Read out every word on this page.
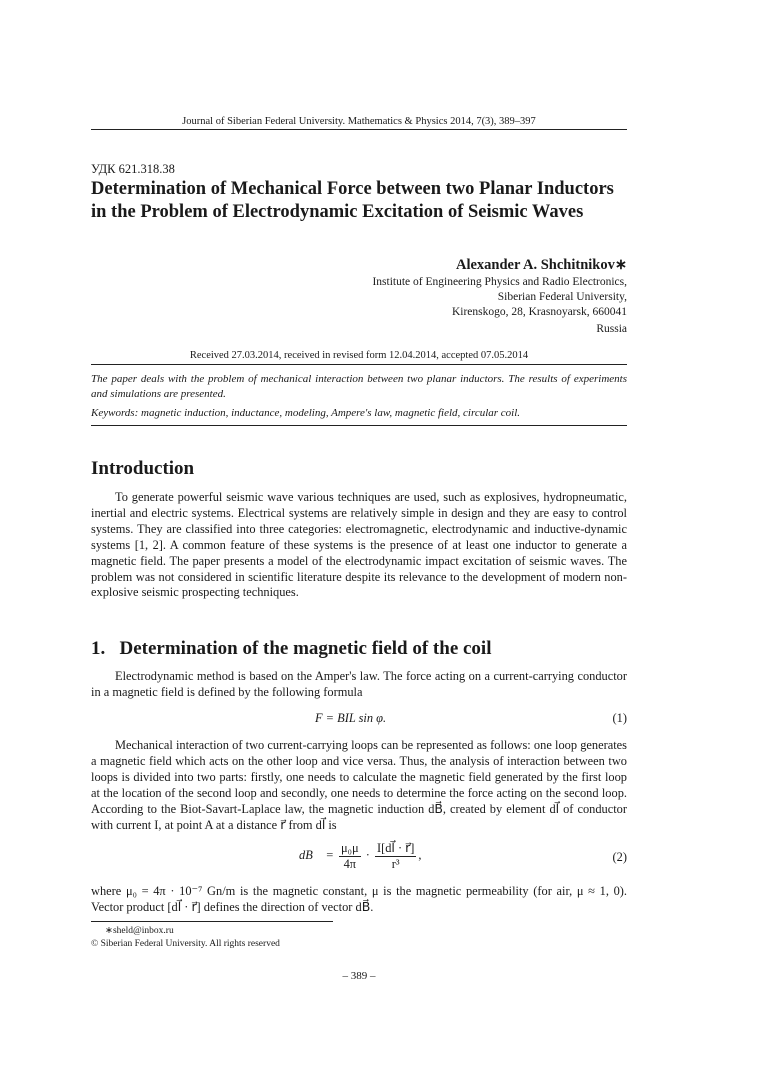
Journal of Siberian Federal University. Mathematics & Physics 2014, 7(3), 389–397
УДК 621.318.38
Determination of Mechanical Force between two Planar Inductors in the Problem of Electrodynamic Excitation of Seismic Waves
Alexander A. Shchitnikov∗
Institute of Engineering Physics and Radio Electronics,
Siberian Federal University,
Kirenskogo, 28, Krasnoyarsk, 660041
Russia
Received 27.03.2014, received in revised form 12.04.2014, accepted 07.05.2014
The paper deals with the problem of mechanical interaction between two planar inductors. The results of experiments and simulations are presented.
Keywords: magnetic induction, inductance, modeling, Ampere's law, magnetic field, circular coil.
Introduction
To generate powerful seismic wave various techniques are used, such as explosives, hydropneumatic, inertial and electric systems. Electrical systems are relatively simple in design and they are easy to control systems. They are classified into three categories: electromagnetic, electrodynamic and inductive-dynamic systems [1, 2]. A common feature of these systems is the presence of at least one inductor to generate a magnetic field. The paper presents a model of the electrodynamic impact excitation of seismic waves. The problem was not considered in scientific literature despite its relevance to the development of modern non-explosive seismic prospecting techniques.
1.   Determination of the magnetic field of the coil
Electrodynamic method is based on the Amper's law. The force acting on a current-carrying conductor in a magnetic field is defined by the following formula
F = BIL sin φ.	(1)
Mechanical interaction of two current-carrying loops can be represented as follows: one loop generates a magnetic field which acts on the other loop and vice versa. Thus, the analysis of interaction between two loops is divided into two parts: firstly, one needs to calculate the magnetic field generated by the first loop at the location of the second loop and secondly, one needs to determine the force acting on the second loop. According to the Biot-Savart-Laplace law, the magnetic induction dB⃗, created by element dl⃗ of conductor with current I, at point A at a distance r⃗ from dl⃗ is
dB⃗ = $\frac{\text{μ₀μ}}{4\pi} \cdot \frac{I[dl⃗ \cdot r⃗]}{\text{r³}}$ ,	(2)
where μ₀ = 4π · 10⁻⁷ Gn/m is the magnetic constant, μ is the magnetic permeability (for air, μ ≈ 1, 0). Vector product [dl⃗ · r⃗] defines the direction of vector dB⃗.
∗sheld@inbox.ru
© Siberian Federal University. All rights reserved
– 389 –
